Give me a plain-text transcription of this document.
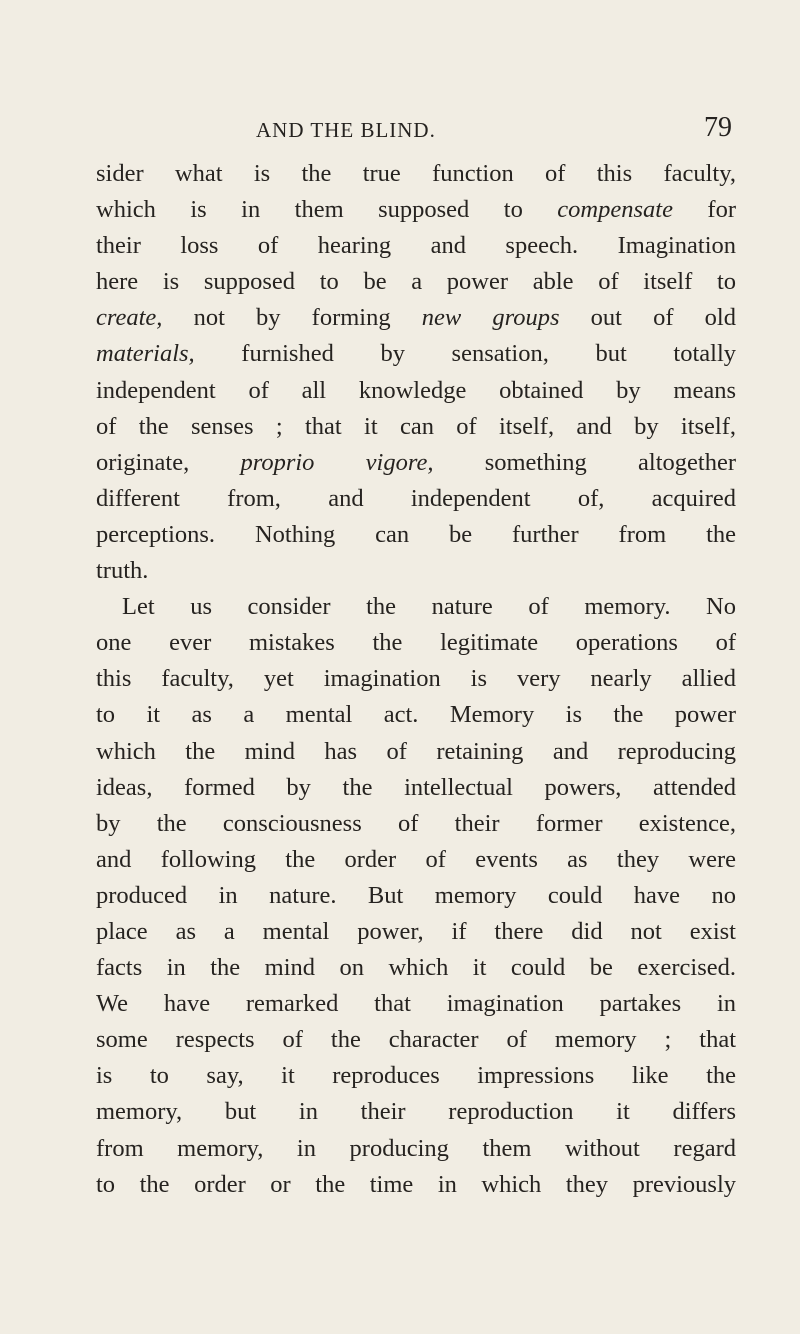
AND THE BLIND.	79
sider what is the true function of this faculty,
which is in them supposed to compensate for
their loss of hearing and speech. Imagination
here is supposed to be a power able of itself to
create, not by forming new groups out of old
materials, furnished by sensation, but totally
independent of all knowledge obtained by means
of the senses ; that it can of itself, and by itself,
originate, proprio vigore, something altogether
different from, and independent of, acquired
perceptions. Nothing can be further from the
truth.
Let us consider the nature of memory. No
one ever mistakes the legitimate operations of
this faculty, yet imagination is very nearly allied
to it as a mental act. Memory is the power
which the mind has of retaining and reproducing
ideas, formed by the intellectual powers, attended
by the consciousness of their former existence,
and following the order of events as they were
produced in nature. But memory could have no
place as a mental power, if there did not exist
facts in the mind on which it could be exercised.
We have remarked that imagination partakes in
some respects of the character of memory ; that
is to say, it reproduces impressions like the
memory, but in their reproduction it differs
from memory, in producing them without regard
to the order or the time in which they previously
